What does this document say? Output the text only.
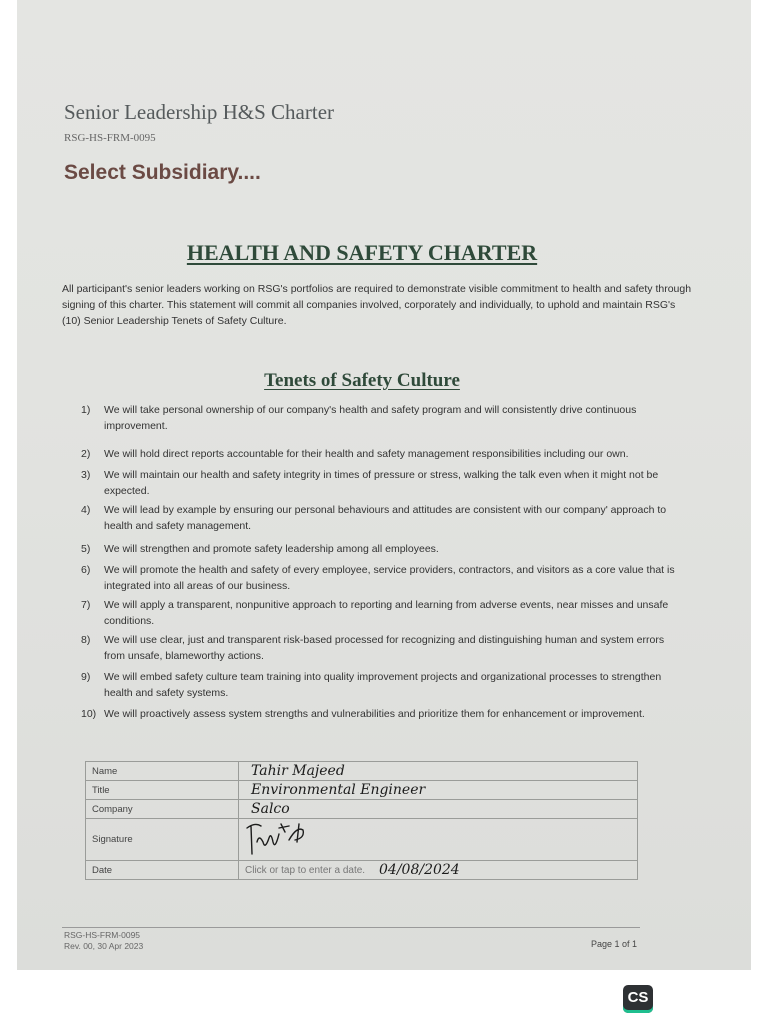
Senior Leadership H&S Charter
RSG-HS-FRM-0095
Select Subsidiary....
HEALTH AND SAFETY CHARTER
All participant's senior leaders working on RSG's portfolios are required to demonstrate visible commitment to health and safety through signing of this charter. This statement will commit all companies involved, corporately and individually, to uphold and maintain RSG's (10) Senior Leadership Tenets of Safety Culture.
Tenets of Safety Culture
1)	We will take personal ownership of our company's health and safety program and will consistently drive continuous improvement.
2)	We will hold direct reports accountable for their health and safety management responsibilities including our own.
3)	We will maintain our health and safety integrity in times of pressure or stress, walking the talk even when it might not be expected.
4)	We will lead by example by ensuring our personal behaviours and attitudes are consistent with our company' approach to health and safety management.
5)	We will strengthen and promote safety leadership among all employees.
6)	We will promote the health and safety of every employee, service providers, contractors, and visitors as a core value that is integrated into all areas of our business.
7)	We will apply a transparent, nonpunitive approach to reporting and learning from adverse events, near misses and unsafe conditions.
8)	We will use clear, just and transparent risk-based processed for recognizing and distinguishing human and system errors from unsafe, blameworthy actions.
9)	We will embed safety culture team training into quality improvement projects and organizational processes to strengthen health and safety systems.
10) We will proactively assess system strengths and vulnerabilities and prioritize them for enhancement or improvement.
Name	Tahir Majeed

Title	Environmental Engineer

Company	Salco

Signature	

Date	Click or tap to enter a date. 04/08/2024
RSG-HS-FRM-0095
Rev. 00, 30 Apr 2023	Page 1 of 1
CS
